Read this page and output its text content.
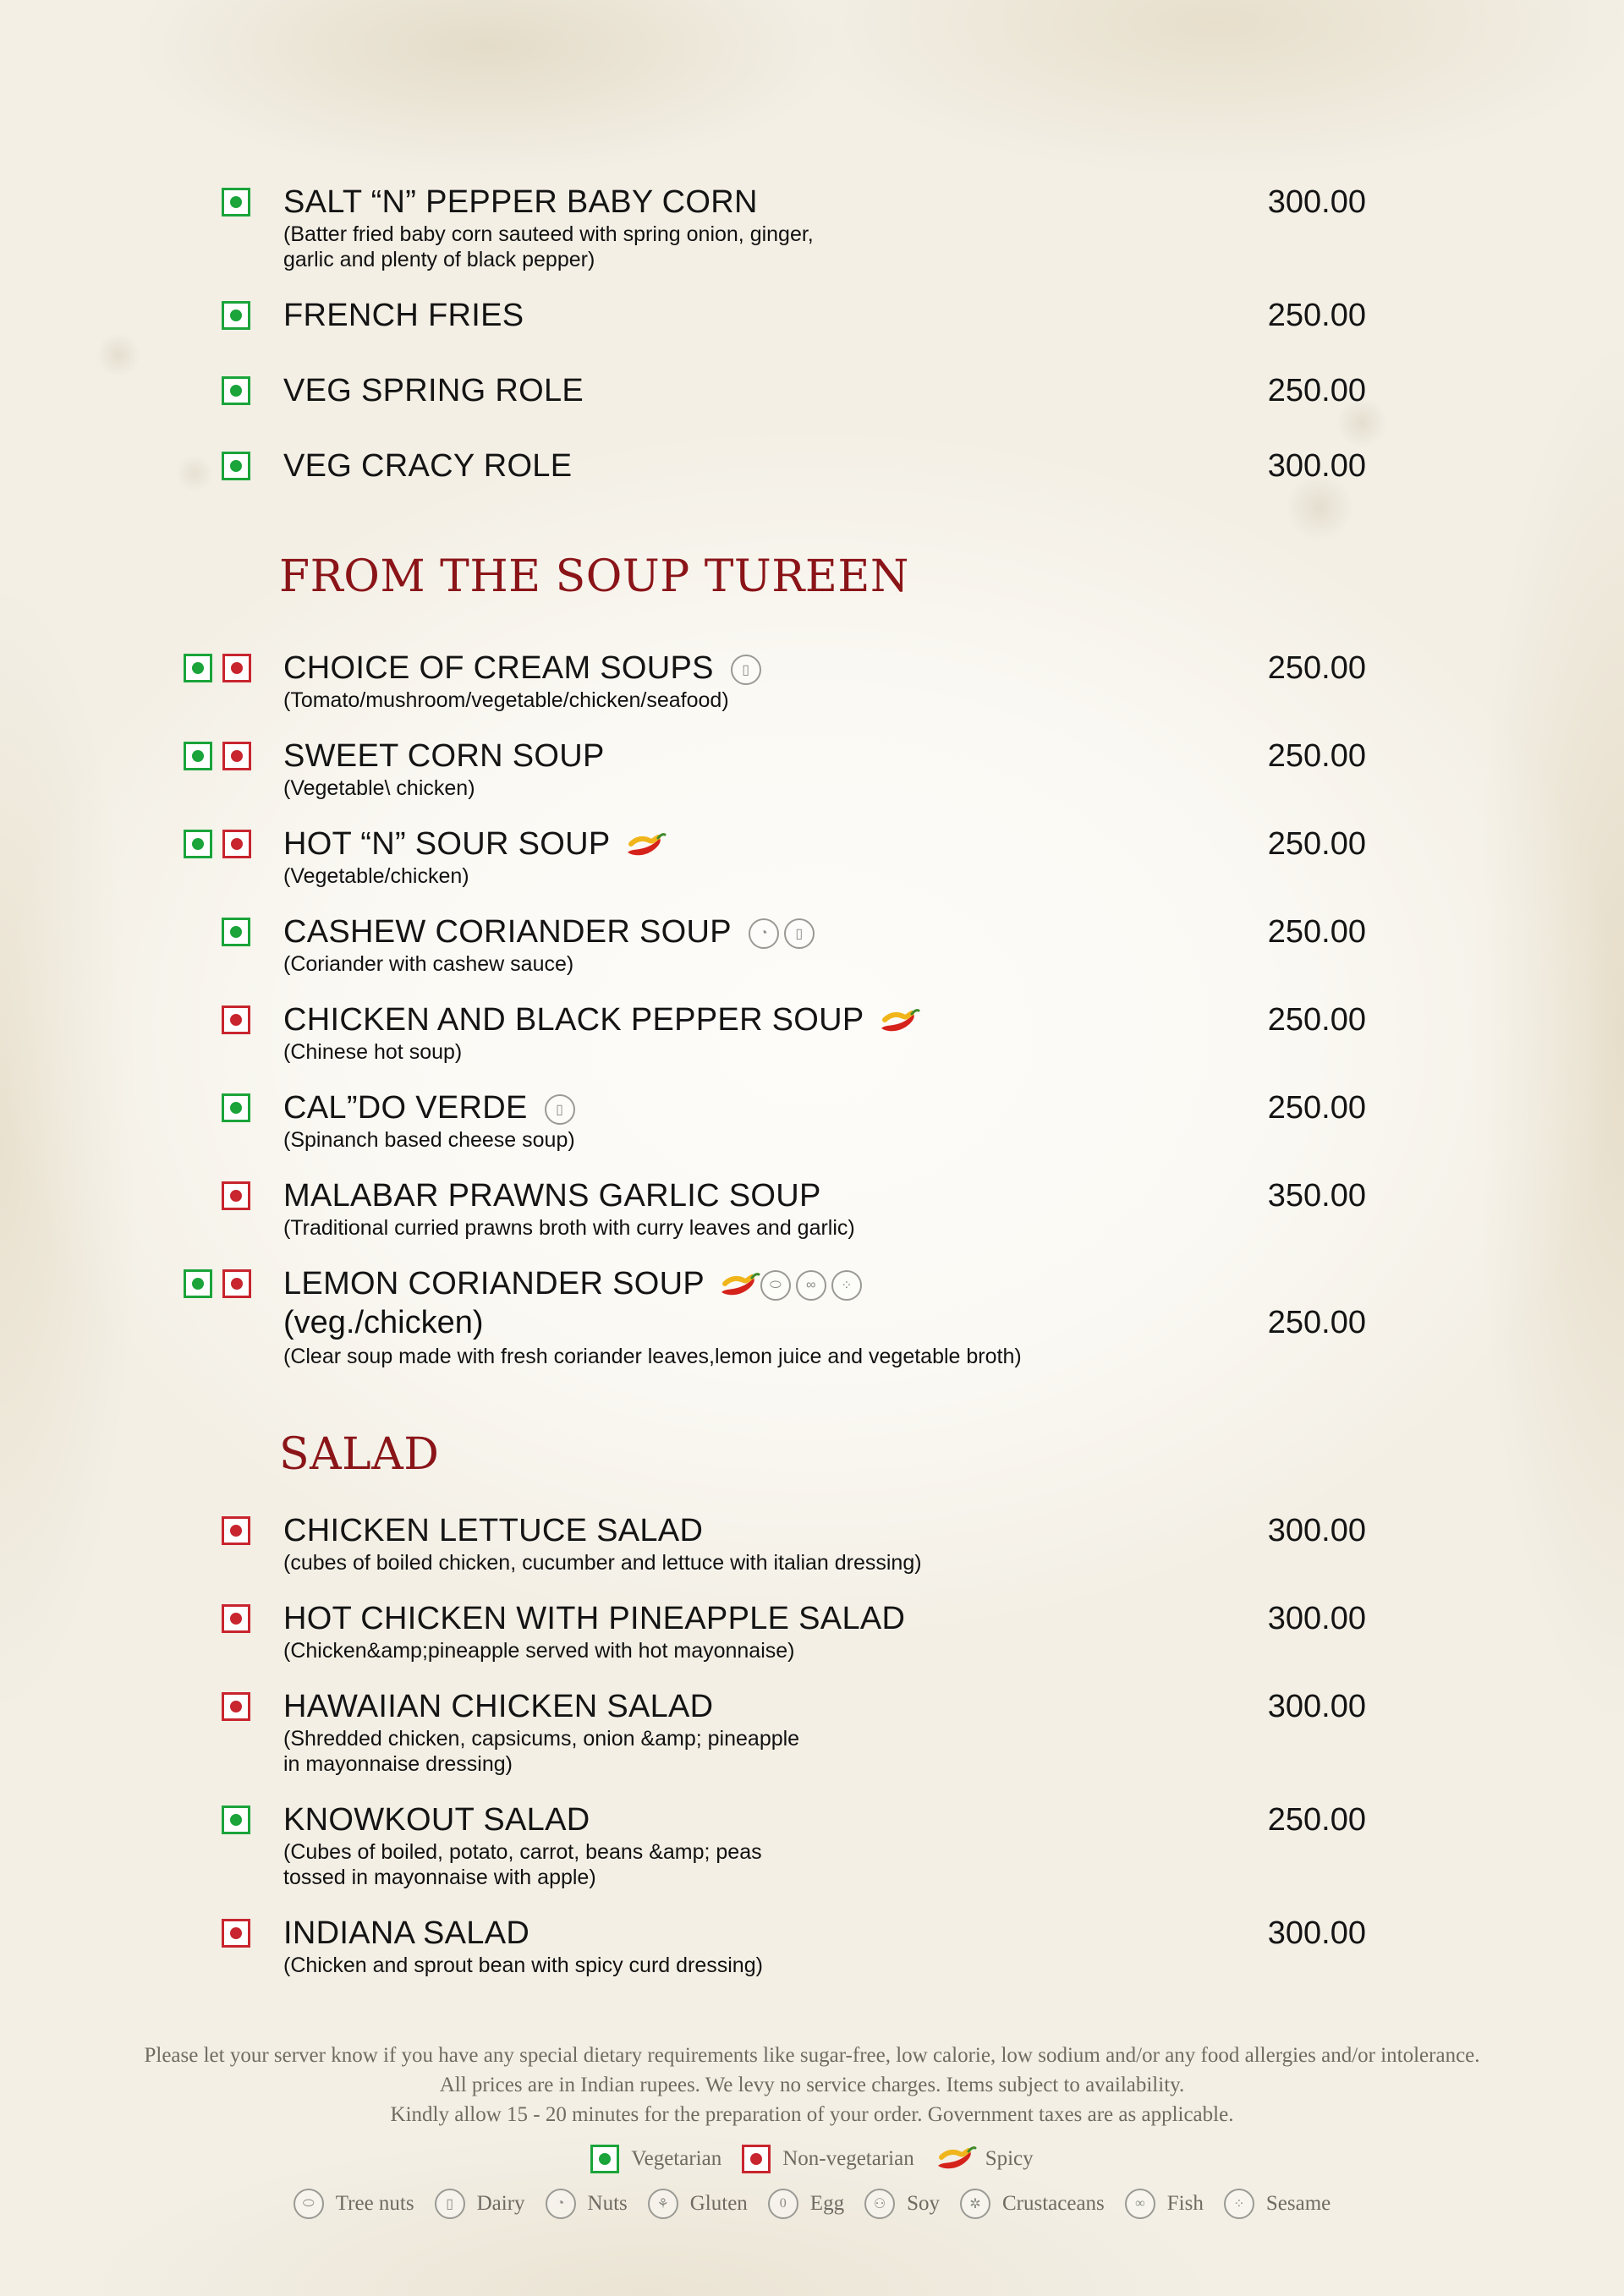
SALT “N” PEPPER BABY CORN	300.00
(Batter fried baby corn sauteed with spring onion, ginger,
garlic and plenty of black pepper)
FRENCH FRIES	250.00
VEG SPRING ROLE	250.00
VEG CRACY ROLE	300.00
FROM THE SOUP TUREEN
CHOICE OF CREAM SOUPS	▯	250.00
(Tomato/mushroom/vegetable/chicken/seafood)
SWEET CORN SOUP	250.00
(Vegetable\ chicken)
HOT “N” SOUR SOUP	250.00
(Vegetable/chicken)
CASHEW CORIANDER SOUP	◔	▯	250.00
(Coriander with cashew sauce)
CHICKEN AND BLACK PEPPER SOUP	250.00
(Chinese hot soup)
CAL”DO VERDE	▯	250.00
(Spinanch based cheese soup)
MALABAR PRAWNS GARLIC SOUP	350.00
(Traditional curried prawns broth with curry leaves and garlic)
LEMON CORIANDER SOUP	⬭	∞	⁘
(veg./chicken)	250.00
(Clear soup made with fresh coriander leaves,lemon juice and vegetable broth)
SALAD
CHICKEN LETTUCE SALAD	300.00
(cubes of boiled chicken, cucumber and lettuce with italian dressing)
HOT CHICKEN WITH PINEAPPLE SALAD	300.00
(Chicken&amp;pineapple served with hot mayonnaise)
HAWAIIAN CHICKEN SALAD	300.00
(Shredded chicken, capsicums, onion &amp; pineapple
in mayonnaise dressing)
KNOWKOUT SALAD	250.00
(Cubes of boiled, potato, carrot, beans &amp; peas
tossed in mayonnaise with apple)
INDIANA SALAD	300.00
(Chicken and sprout bean with spicy curd dressing)
Please let your server know if you have any special dietary requirements like sugar-free, low calorie, low sodium and/or any food allergies and/or intolerance.
All prices are in Indian rupees. We levy no service charges. Items subject to availability.
Kindly allow 15 - 20 minutes for the preparation of your order. Government taxes are as applicable.
Vegetarian	Non-vegetarian	Spicy
⬭	Tree nuts	▯	Dairy	◔	Nuts	⚘ Gluten	0	Egg	⚇ Soy	✲	Crustaceans	∞	Fish	⁘	Sesame
